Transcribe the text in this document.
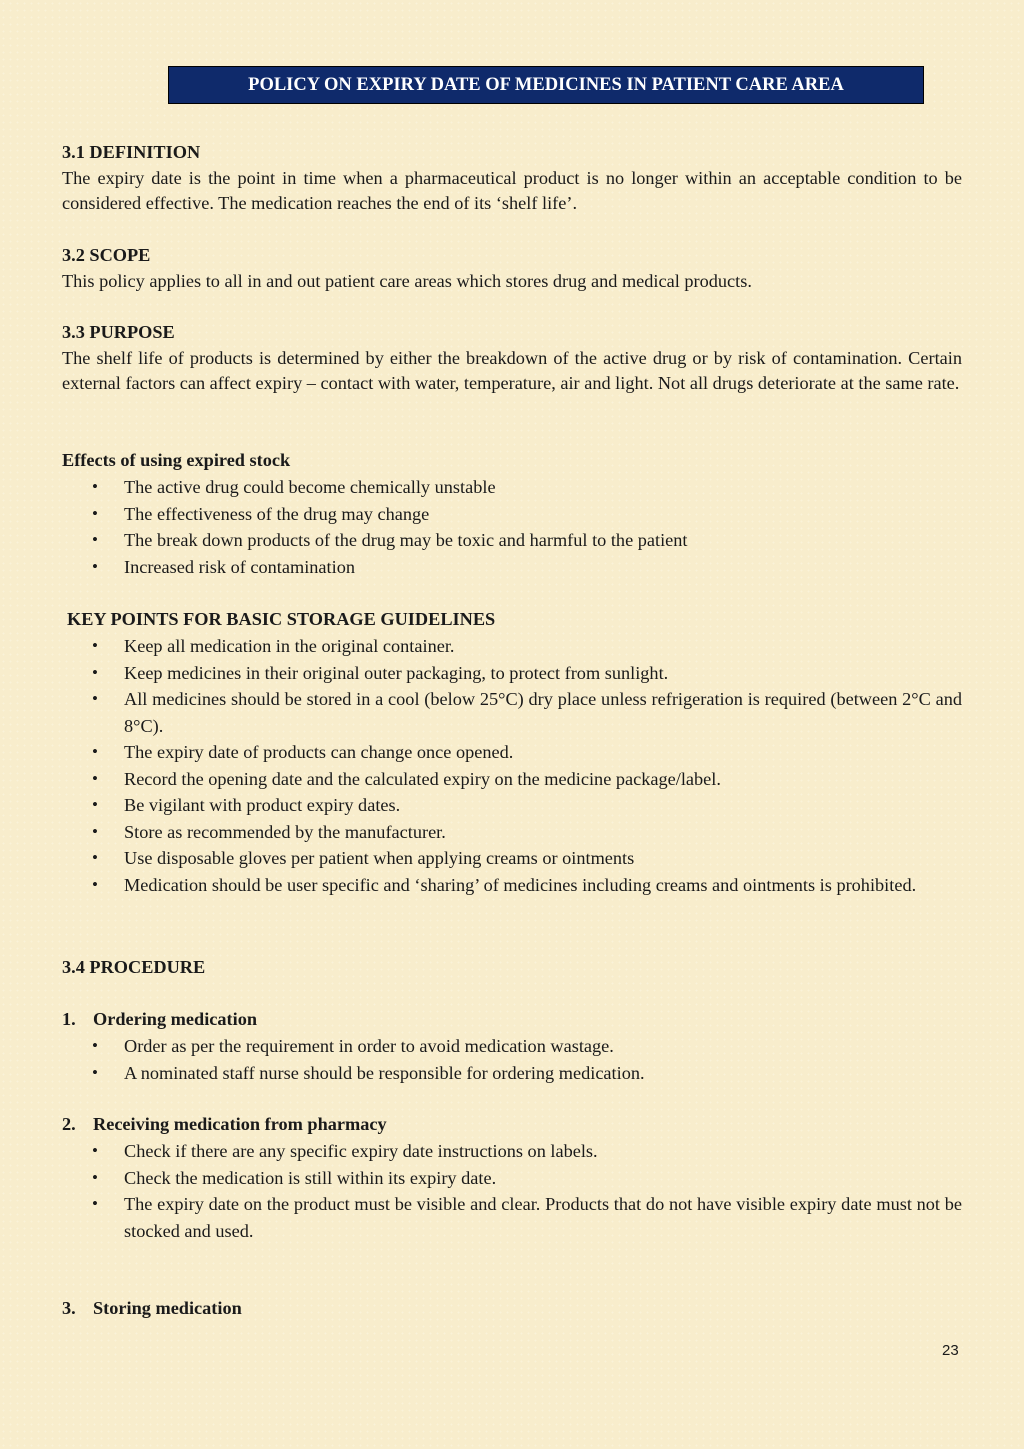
POLICY ON EXPIRY DATE OF MEDICINES IN PATIENT CARE AREA
3.1 DEFINITION
The expiry date is the point in time when a pharmaceutical product is no longer within an acceptable condition to be considered effective. The medication reaches the end of its ‘shelf life’.
3.2 SCOPE
This policy applies to all in and out patient care areas which stores drug and medical products.
3.3 PURPOSE
The shelf life of products is determined by either the breakdown of the active drug or by risk of contamination. Certain external factors can affect expiry – contact with water, temperature, air and light. Not all drugs deteriorate at the same rate.
Effects of using expired stock

• The active drug could become chemically unstable

• The effectiveness of the drug may change

• The break down products of the drug may be toxic and harmful to the patient

• Increased risk of contamination

KEY POINTS FOR BASIC STORAGE GUIDELINES

• Keep all medication in the original container.

• Keep medicines in their original outer packaging, to protect from sunlight.

• All medicines should be stored in a cool (below 25°C) dry place unless refrigeration is required (between 2°C and 8°C).

• The expiry date of products can change once opened.

• Record the opening date and the calculated expiry on the medicine package/label.

• Be vigilant with product expiry dates.

• Store as recommended by the manufacturer.

• Use disposable gloves per patient when applying creams or ointments

• Medication should be user specific and ‘sharing’ of medicines including creams and ointments is prohibited.

3.4 PROCEDURE
1. Ordering medication

• Order as per the requirement in order to avoid medication wastage.

• A nominated staff nurse should be responsible for ordering medication.

2. Receiving medication from pharmacy

• Check if there are any specific expiry date instructions on labels.

• Check the medication is still within its expiry date.

• The expiry date on the product must be visible and clear. Products that do not have visible expiry date must not be stocked and used.

3. Storing medication
23
